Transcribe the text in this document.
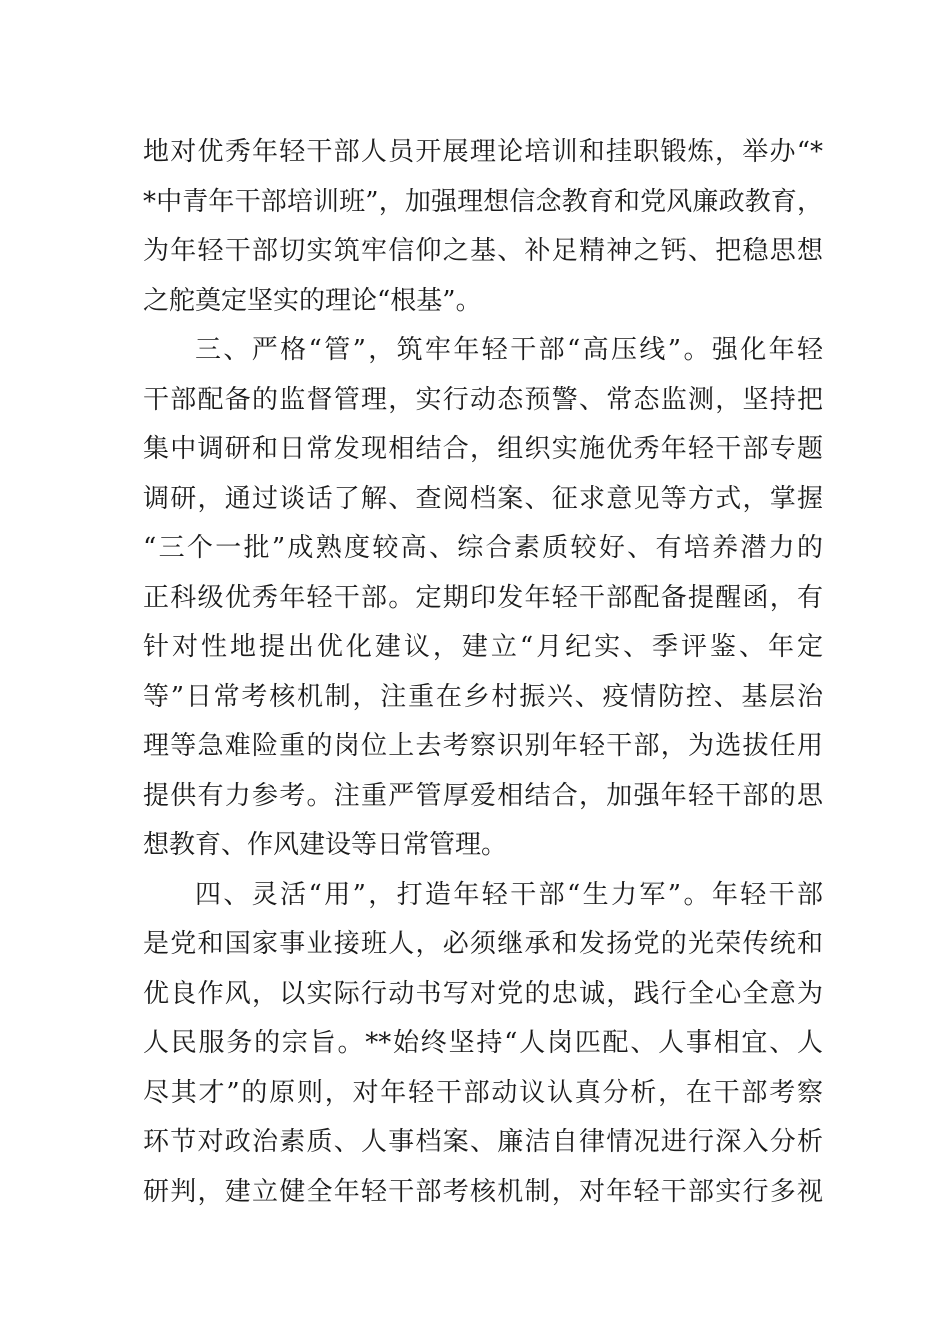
地对优秀年轻干部人员开展理论培训和挂职锻炼，举办“*
*中青年干部培训班”，加强理想信念教育和党风廉政教育，
为年轻干部切实筑牢信仰之基、补足精神之钙、把稳思想
之舵奠定坚实的理论“根基”。
三、严格“管”，筑牢年轻干部“高压线”。强化年轻
干部配备的监督管理，实行动态预警、常态监测，坚持把
集中调研和日常发现相结合，组织实施优秀年轻干部专题
调研，通过谈话了解、查阅档案、征求意见等方式，掌握
“三个一批”成熟度较高、综合素质较好、有培养潜力的
正科级优秀年轻干部。定期印发年轻干部配备提醒函，有
针对性地提出优化建议，建立“月纪实、季评鉴、年定
等”日常考核机制，注重在乡村振兴、疫情防控、基层治
理等急难险重的岗位上去考察识别年轻干部，为选拔任用
提供有力参考。注重严管厚爱相结合，加强年轻干部的思
想教育、作风建设等日常管理。
四、灵活“用”，打造年轻干部“生力军”。年轻干部
是党和国家事业接班人，必须继承和发扬党的光荣传统和
优良作风，以实际行动书写对党的忠诚，践行全心全意为
人民服务的宗旨。**始终坚持“人岗匹配、人事相宜、人
尽其才”的原则，对年轻干部动议认真分析，在干部考察
环节对政治素质、人事档案、廉洁自律情况进行深入分析
研判，建立健全年轻干部考核机制，对年轻干部实行多视
